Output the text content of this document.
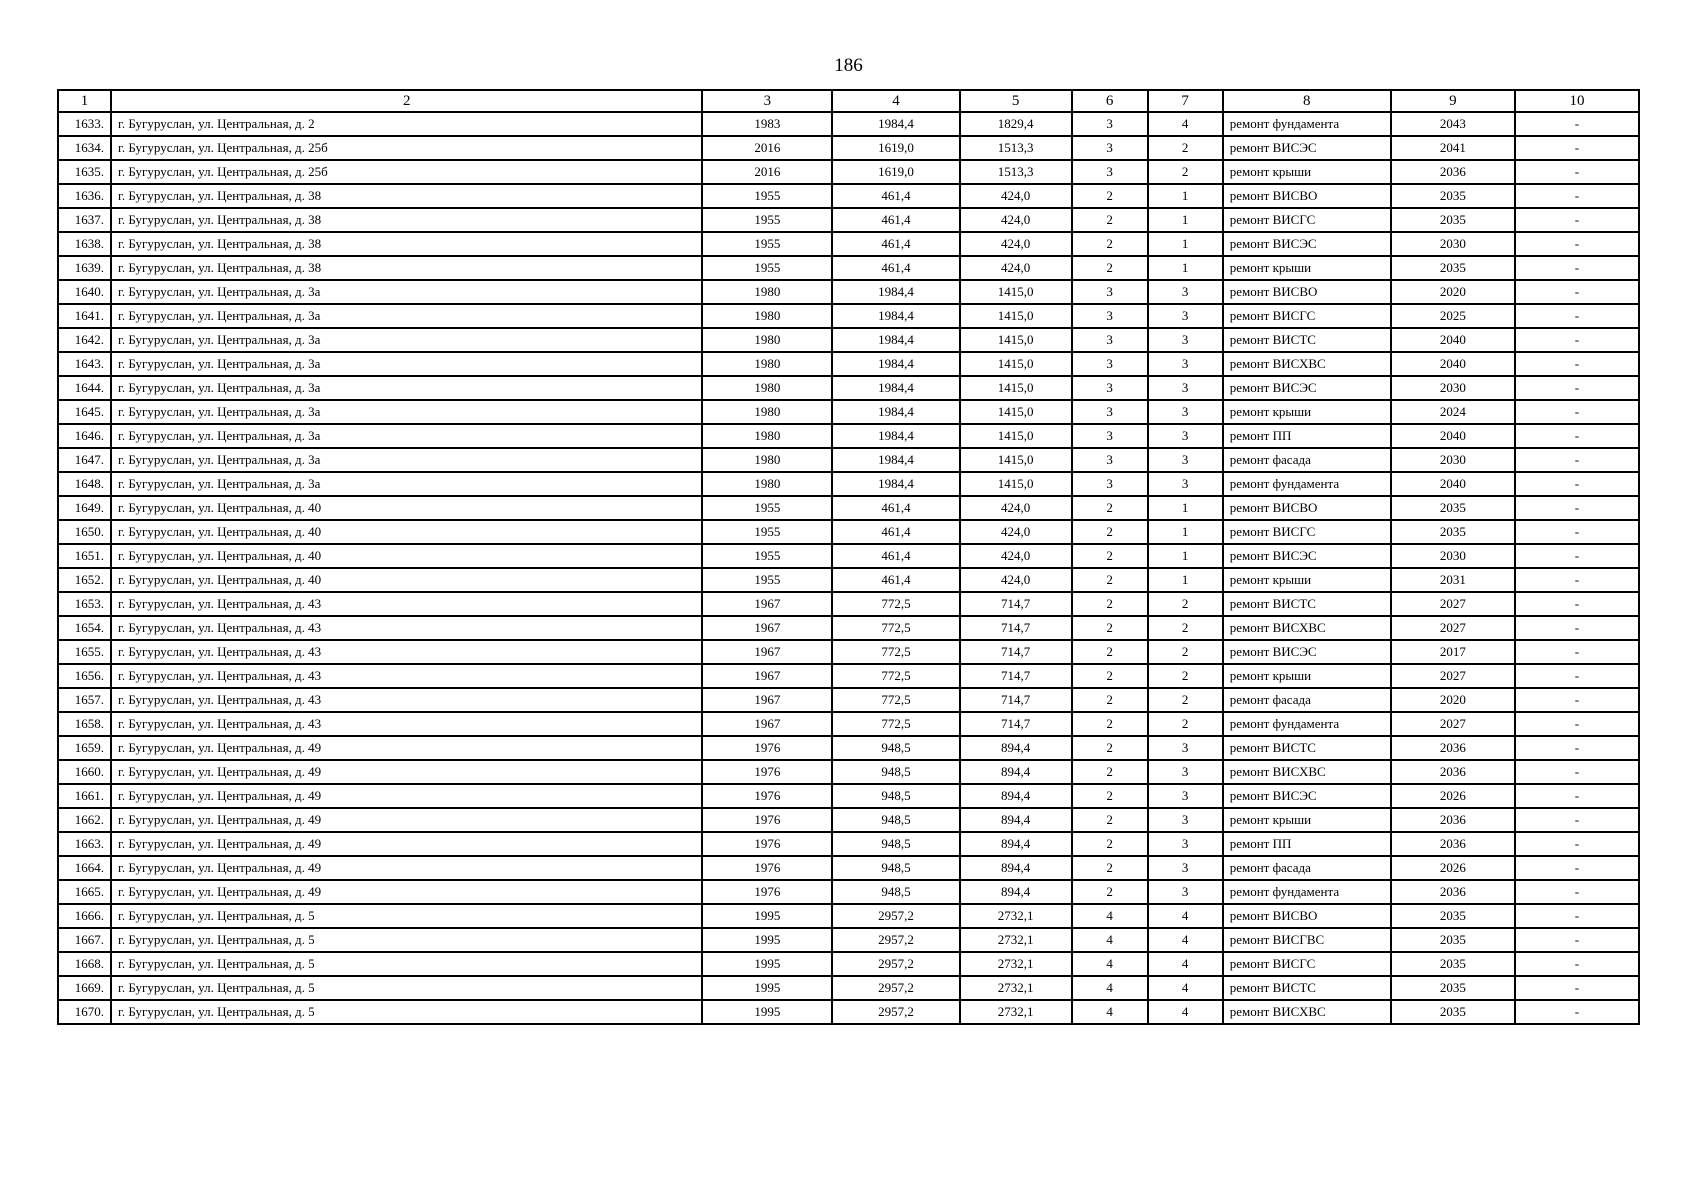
186
1	2	3	4	5	6	7	8	9	10
1633.	г. Бугуруслан, ул. Центральная, д. 2	1983	1984,4	1829,4	3	4	ремонт фундамента	2043	-
1634.	г. Бугуруслан, ул. Центральная, д. 25б	2016	1619,0	1513,3	3	2	ремонт ВИСЭС	2041	-
1635.	г. Бугуруслан, ул. Центральная, д. 25б	2016	1619,0	1513,3	3	2	ремонт крыши	2036	-
1636.	г. Бугуруслан, ул. Центральная, д. 38	1955	461,4	424,0	2	1	ремонт ВИСВО	2035	-
1637.	г. Бугуруслан, ул. Центральная, д. 38	1955	461,4	424,0	2	1	ремонт ВИСГС	2035	-
1638.	г. Бугуруслан, ул. Центральная, д. 38	1955	461,4	424,0	2	1	ремонт ВИСЭС	2030	-
1639.	г. Бугуруслан, ул. Центральная, д. 38	1955	461,4	424,0	2	1	ремонт крыши	2035	-
1640.	г. Бугуруслан, ул. Центральная, д. 3а	1980	1984,4	1415,0	3	3	ремонт ВИСВО	2020	-
1641.	г. Бугуруслан, ул. Центральная, д. 3а	1980	1984,4	1415,0	3	3	ремонт ВИСГС	2025	-
1642.	г. Бугуруслан, ул. Центральная, д. 3а	1980	1984,4	1415,0	3	3	ремонт ВИСТС	2040	-
1643.	г. Бугуруслан, ул. Центральная, д. 3а	1980	1984,4	1415,0	3	3	ремонт ВИСХВС	2040	-
1644.	г. Бугуруслан, ул. Центральная, д. 3а	1980	1984,4	1415,0	3	3	ремонт ВИСЭС	2030	-
1645.	г. Бугуруслан, ул. Центральная, д. 3а	1980	1984,4	1415,0	3	3	ремонт крыши	2024	-
1646.	г. Бугуруслан, ул. Центральная, д. 3а	1980	1984,4	1415,0	3	3	ремонт ПП	2040	-
1647.	г. Бугуруслан, ул. Центральная, д. 3а	1980	1984,4	1415,0	3	3	ремонт фасада	2030	-
1648.	г. Бугуруслан, ул. Центральная, д. 3а	1980	1984,4	1415,0	3	3	ремонт фундамента	2040	-
1649.	г. Бугуруслан, ул. Центральная, д. 40	1955	461,4	424,0	2	1	ремонт ВИСВО	2035	-
1650.	г. Бугуруслан, ул. Центральная, д. 40	1955	461,4	424,0	2	1	ремонт ВИСГС	2035	-
1651.	г. Бугуруслан, ул. Центральная, д. 40	1955	461,4	424,0	2	1	ремонт ВИСЭС	2030	-
1652.	г. Бугуруслан, ул. Центральная, д. 40	1955	461,4	424,0	2	1	ремонт крыши	2031	-
1653.	г. Бугуруслан, ул. Центральная, д. 43	1967	772,5	714,7	2	2	ремонт ВИСТС	2027	-
1654.	г. Бугуруслан, ул. Центральная, д. 43	1967	772,5	714,7	2	2	ремонт ВИСХВС	2027	-
1655.	г. Бугуруслан, ул. Центральная, д. 43	1967	772,5	714,7	2	2	ремонт ВИСЭС	2017	-
1656.	г. Бугуруслан, ул. Центральная, д. 43	1967	772,5	714,7	2	2	ремонт крыши	2027	-
1657.	г. Бугуруслан, ул. Центральная, д. 43	1967	772,5	714,7	2	2	ремонт фасада	2020	-
1658.	г. Бугуруслан, ул. Центральная, д. 43	1967	772,5	714,7	2	2	ремонт фундамента	2027	-
1659.	г. Бугуруслан, ул. Центральная, д. 49	1976	948,5	894,4	2	3	ремонт ВИСТС	2036	-
1660.	г. Бугуруслан, ул. Центральная, д. 49	1976	948,5	894,4	2	3	ремонт ВИСХВС	2036	-
1661.	г. Бугуруслан, ул. Центральная, д. 49	1976	948,5	894,4	2	3	ремонт ВИСЭС	2026	-
1662.	г. Бугуруслан, ул. Центральная, д. 49	1976	948,5	894,4	2	3	ремонт крыши	2036	-
1663.	г. Бугуруслан, ул. Центральная, д. 49	1976	948,5	894,4	2	3	ремонт ПП	2036	-
1664.	г. Бугуруслан, ул. Центральная, д. 49	1976	948,5	894,4	2	3	ремонт фасада	2026	-
1665.	г. Бугуруслан, ул. Центральная, д. 49	1976	948,5	894,4	2	3	ремонт фундамента	2036	-
1666.	г. Бугуруслан, ул. Центральная, д. 5	1995	2957,2	2732,1	4	4	ремонт ВИСВО	2035	-
1667.	г. Бугуруслан, ул. Центральная, д. 5	1995	2957,2	2732,1	4	4	ремонт ВИСГВС	2035	-
1668.	г. Бугуруслан, ул. Центральная, д. 5	1995	2957,2	2732,1	4	4	ремонт ВИСГС	2035	-
1669.	г. Бугуруслан, ул. Центральная, д. 5	1995	2957,2	2732,1	4	4	ремонт ВИСТС	2035	-
1670.	г. Бугуруслан, ул. Центральная, д. 5	1995	2957,2	2732,1	4	4	ремонт ВИСХВС	2035	-
